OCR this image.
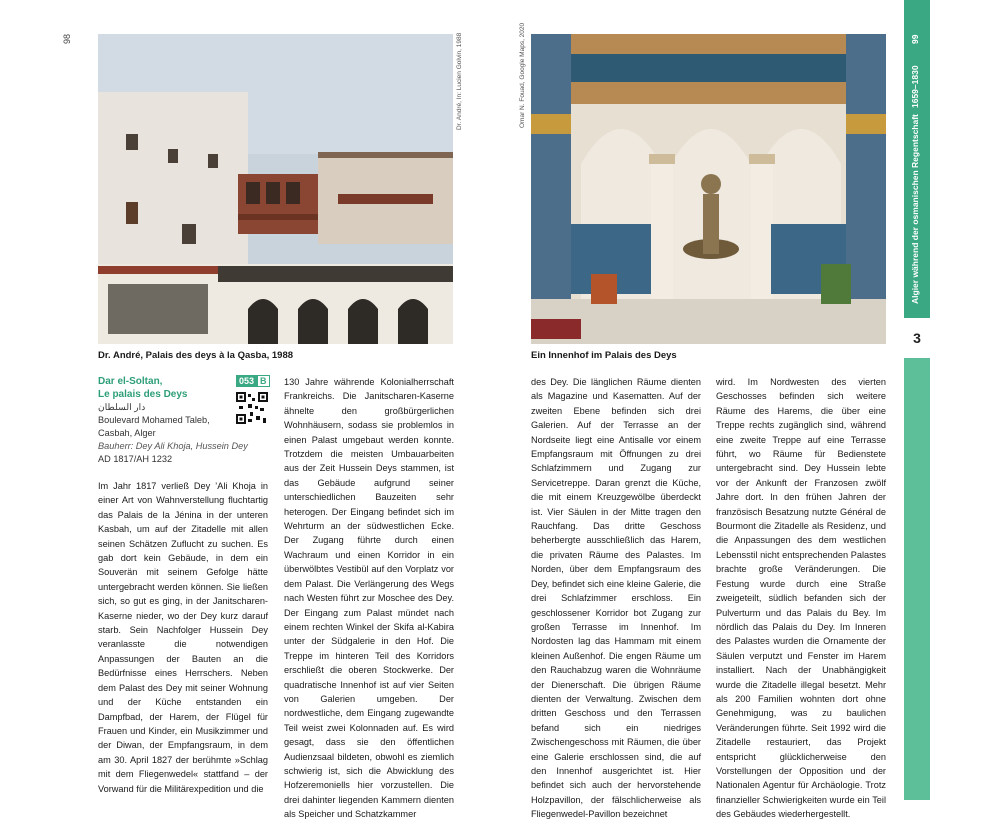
98	Dr. André, In: Lucien Golvin, 1988
Dr. André, Palais des deys à la Qasba, 1988
Omar N. Fouad, Google Maps, 2020
Ein Innenhof im Palais des Deys
Dar el-Soltan,
Le palais des Deys
دار السلطان
Boulevard Mohamed Taleb,
Casbah, Alger
Bauherr: Dey Ali Khoja, Hussein Dey
AD 1817/AH 1232
053 B

Im Jahr 1817 verließ Dey ’Ali Khoja in einer Art von Wahnverstellung fluchtartig das Palais de la Jénina in der unteren Kasbah, um auf der Zitadelle mit allen seinen Schätzen Zuflucht zu suchen. Es gab dort kein Gebäude, in dem ein Souverän mit seinem Gefolge hätte untergebracht werden können. Sie ließen sich, so gut es ging, in der Janitscharen-Kaserne nieder, wo der Dey kurz darauf starb. Sein Nachfolger Hussein Dey veranlasste die notwendigen Anpassungen der Bauten an die Bedürfnisse eines Herrschers. Neben dem Palast des Dey mit seiner Wohnung und der Küche entstanden ein Dampfbad, der Harem, der Flügel für Frauen und Kinder, ein Musikzimmer und der Diwan, der Empfangsraum, in dem am 30. April 1827 der berühmte »Schlag mit dem Fliegenwedel« stattfand – der Vorwand für die Militärexpedition und die

130 Jahre währende Kolonialherrschaft Frankreichs. Die Janitscharen-Kaserne ähnelte den großbürgerlichen Wohnhäusern, sodass sie problemlos in einen Palast umgebaut werden konnte. Trotzdem die meisten Umbauarbeiten aus der Zeit Hussein Deys stammen, ist das Gebäude aufgrund seiner unterschiedlichen Bauzeiten sehr heterogen. Der Eingang befindet sich im Wehrturm an der südwestlichen Ecke. Der Zugang führte durch einen Wachraum und einen Korridor in ein überwölbtes Vestibül auf den Vorplatz vor dem Palast. Die Verlängerung des Wegs nach Westen führt zur Moschee des Dey. Der Eingang zum Palast mündet nach einem rechten Winkel der Skifa al-Kabira unter der Südgalerie in den Hof. Die Treppe im hinteren Teil des Korridors erschließt die oberen Stockwerke. Der quadratische Innenhof ist auf vier Seiten von Galerien umgeben. Der nordwestliche, dem Eingang zugewandte Teil weist zwei Kolonnaden auf. Es wird gesagt, dass sie den öffentlichen Audienzsaal bildeten, obwohl es ziemlich schwierig ist, sich die Abwicklung des Hofzeremoniells hier vorzustellen. Die drei dahinter liegenden Kammern dienten als Speicher und Schatzkammer

des Dey. Die länglichen Räume dienten als Magazine und Kasematten. Auf der zweiten Ebene befinden sich drei Galerien. Auf der Terrasse an der Nordseite liegt eine Antisalle vor einem Empfangsraum mit Öffnungen zu drei Schlafzimmern und Zugang zur Servicetreppe. Daran grenzt die Küche, die mit einem Kreuzgewölbe überdeckt ist. Vier Säulen in der Mitte tragen den Rauchfang. Das dritte Geschoss beherbergte ausschließlich das Harem, die privaten Räume des Palastes. Im Norden, über dem Empfangsraum des Dey, befindet sich eine kleine Galerie, die drei Schlafzimmer erschloss. Ein geschlossener Korridor bot Zugang zur großen Terrasse im Innenhof. Im Nordosten lag das Hammam mit einem kleinen Außenhof. Die engen Räume um den Rauchabzug waren die Wohnräume der Dienerschaft. Die übrigen Räume dienten der Verwaltung. Zwischen dem dritten Geschoss und den Terrassen befand sich ein niedriges Zwischengeschoss mit Räumen, die über eine Galerie erschlossen sind, die auf den Innenhof ausgerichtet ist. Hier befindet sich auch der hervorstehende Holzpavillon, der fälschlicherweise als Fliegenwedel-Pavillon bezeichnet

wird. Im Nordwesten des vierten Geschosses befinden sich weitere Räume des Harems, die über eine Treppe rechts zugänglich sind, während eine zweite Treppe auf eine Terrasse führt, wo Räume für Bedienstete untergebracht sind. Dey Hussein lebte vor der Ankunft der Franzosen zwölf Jahre dort. In den frühen Jahren der französisch Besatzung nutzte Général de Bourmont die Zitadelle als Residenz, und die Anpassungen des dem westlichen Lebensstil nicht entsprechenden Palastes brachte große Veränderungen. Die Festung wurde durch eine Straße zweigeteilt, südlich befanden sich der Pulverturm und das Palais du Bey. Im nördlich das Palais du Dey. Im Inneren des Palastes wurden die Ornamente der Säulen verputzt und Fenster im Harem installiert. Nach der Unabhängigkeit wurde die Zitadelle illegal besetzt. Mehr als 200 Familien wohnten dort ohne Genehmigung, was zu baulichen Veränderungen führte. Seit 1992 wird die Zitadelle restauriert, das Projekt entspricht glücklicherweise den Vorstellungen der Opposition und der Nationalen Agentur für Archäologie. Trotz finanzieller Schwierigkeiten wurde ein Teil des Gebäudes wiederhergestellt.

99
1659–1830
Algier während der osmanischen Regentschaft
3
